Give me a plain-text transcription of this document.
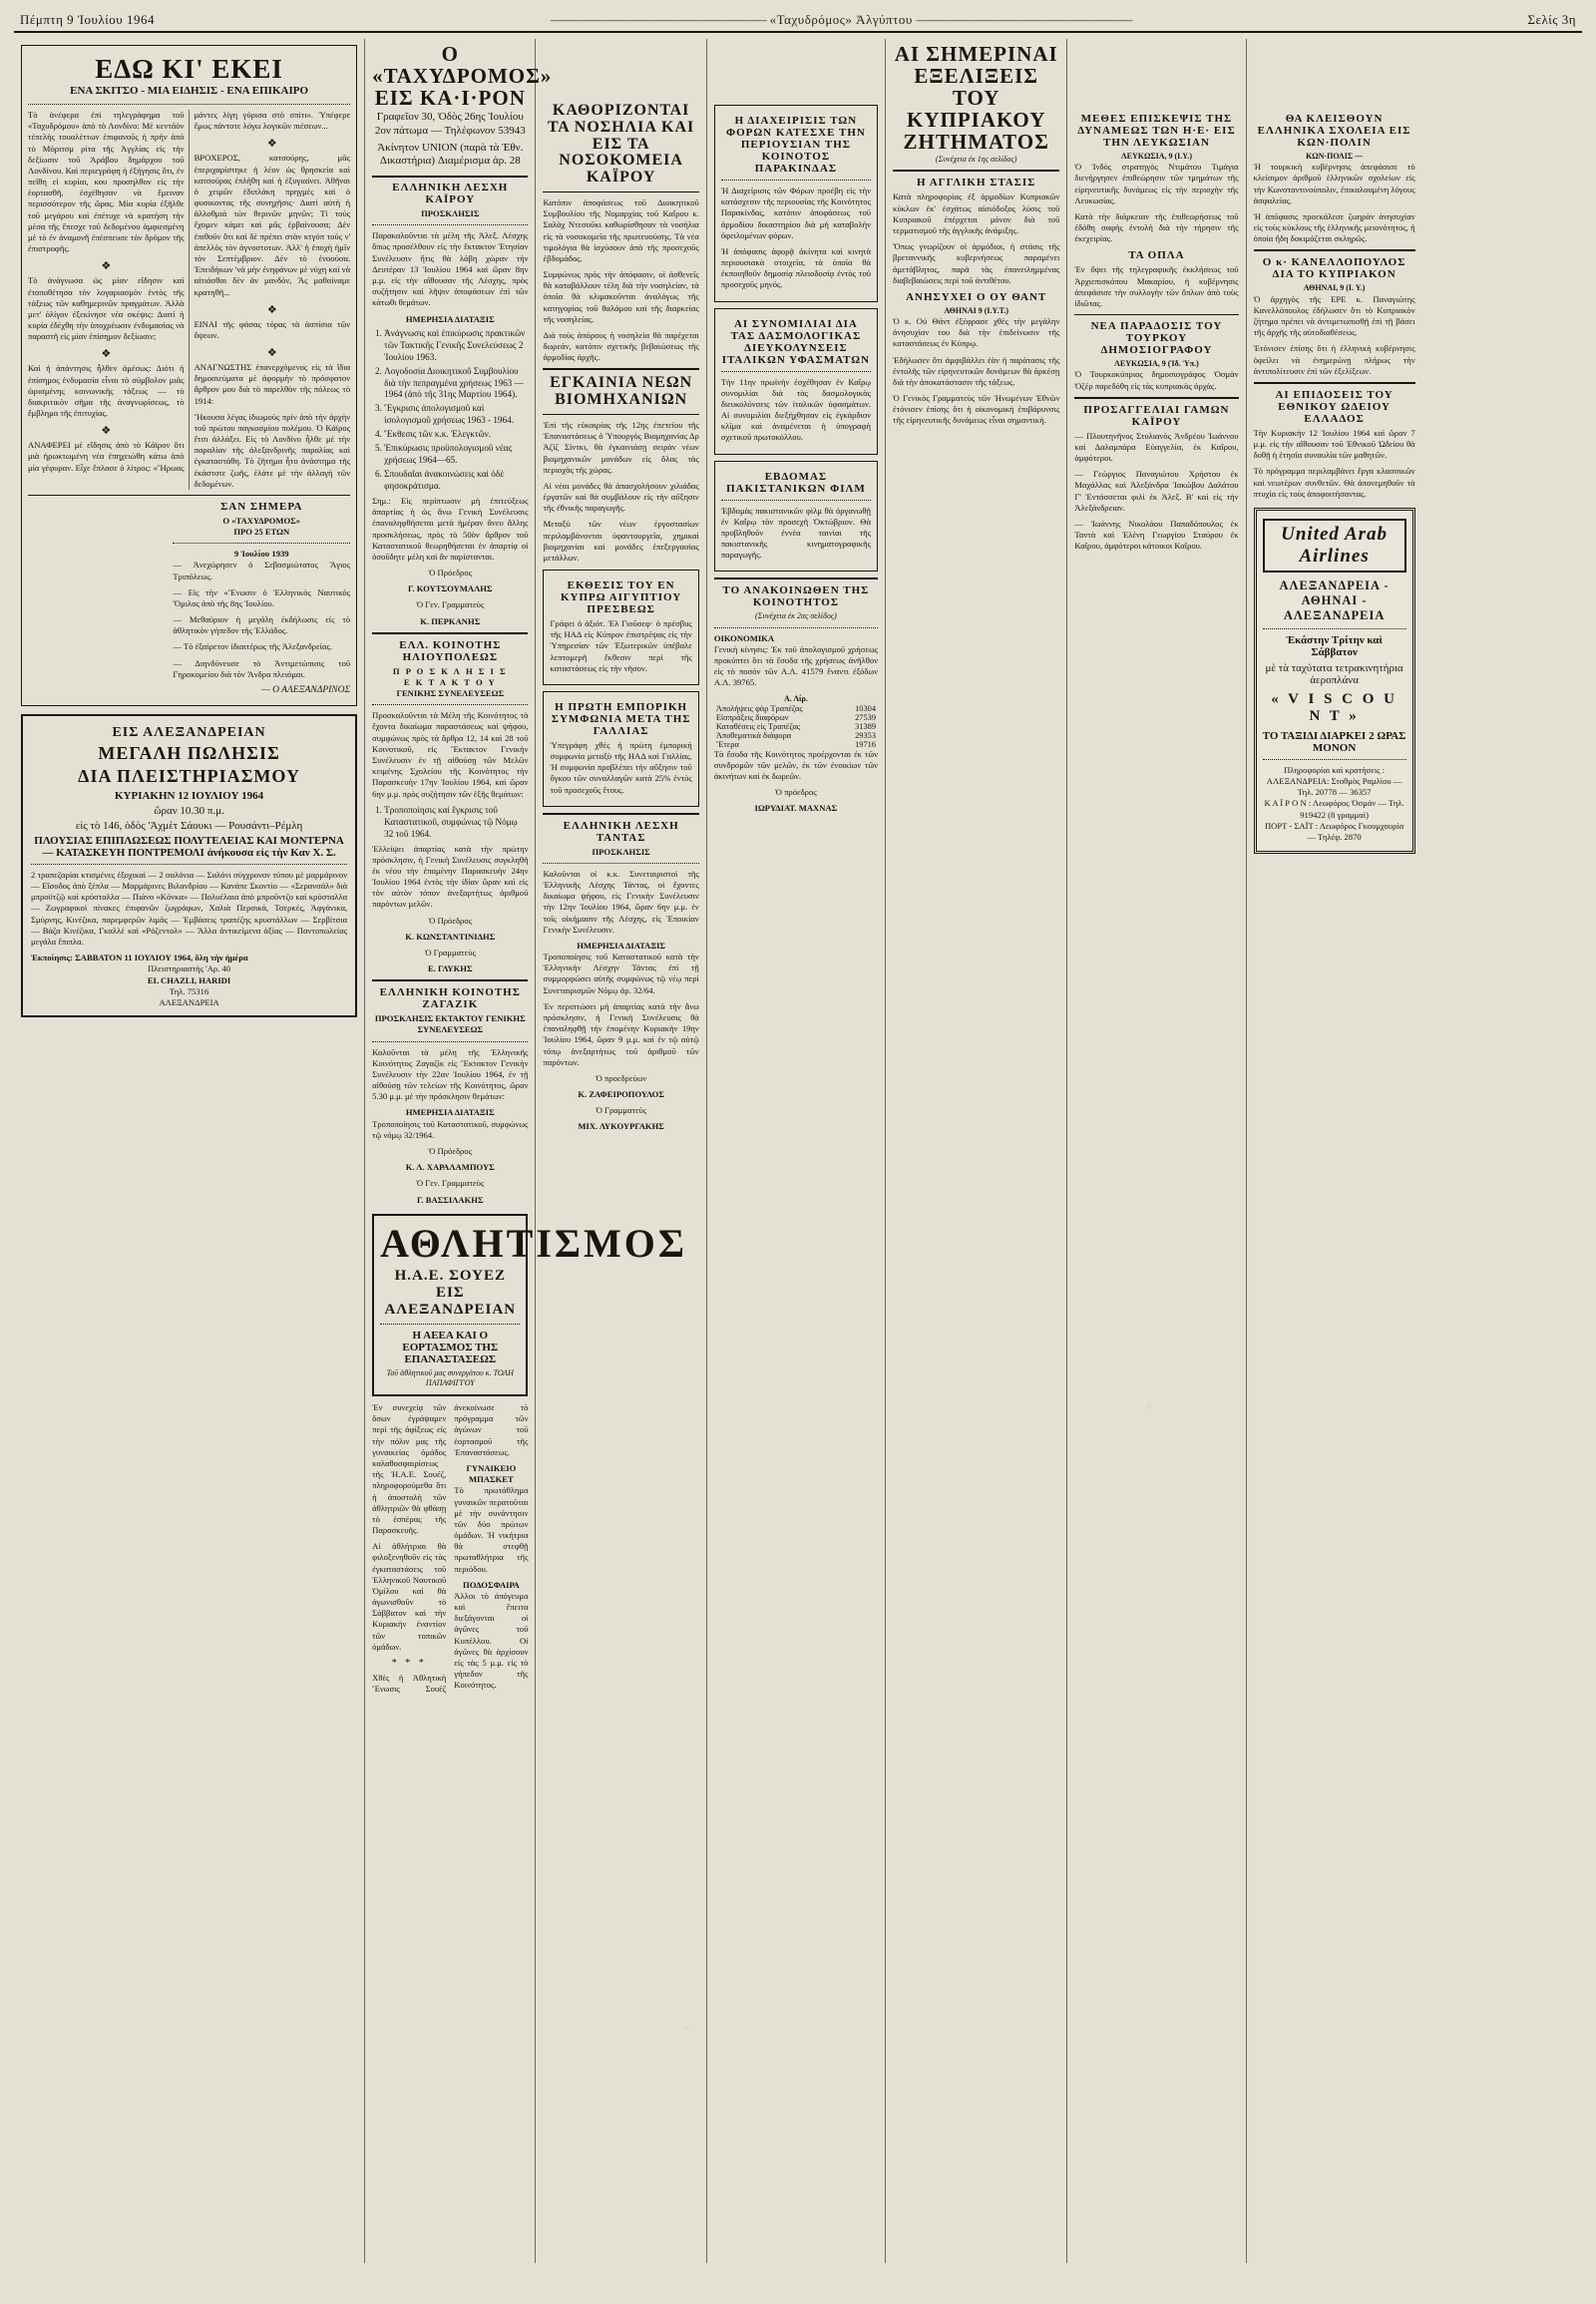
Πέμπτη 9 Ἰουλίου 1964	—————————————————— «Ταχυδρόμος» Ἀλγύπτου ——————————————————	Σελίς 3η
ΕΔΩ ΚΙ' ΕΚΕΙ
ΕΝΑ ΣΚΙΤΣΟ - ΜΙΑ ΕΙΔΗΣΙΣ - ΕΝΑ ΕΠΙΚΑΙΡΟ

Τὸ ἀνέφερα ἐπὶ τηλεγράφημα τοῦ «Ταχυδρόμου» ἀπὸ τὸ Λονδίνο: Μὲ κεντᾶὸν τέπελὴς τουαλέττων ἐπιφανοῦς ἡ πρὴν ἀπὸ τὸ Μόριτσμ ρίτα τῆς Ἁγγλίας εἰς τὴν δεξίωσιν τοῦ Ἀράβου δημάρχου τοῦ Λονδίνου. Καὶ περιεγράφη ἡ ἐξήγησις ὅτι, ἐν πεῖθη εἰ κυρίαι, κου προσηλθον εἰς τὴν ἑορτασθῆ, ἐσχέθησαν νὰ ἔμειναν περισσότερον τῆς ὥρας. Μία κυρία ἐξῆλθε τοῦ μεγάρου καὶ ἐπέτυχε νὰ κρατήση τὴν μέσα τῆς ἔπεσχε τοῦ δεδομένου ἀμφιεσμένη μὲ τὸ ἐν ἀναμονῆ ἐπέσπευσε τὸν δρόμον τῆς ἐπιστροφῆς.

❖

Τὸ ἀνάγνωσα ὡς μίαν εἴδησιν καὶ ἐτοποθέτησα τὸν λογαριασμὸν ἐντὸς τῆς τάξεως τῶν καθημερινῶν πραγμάτων. Ἀλλὰ μετ' ὀλίγον ἐξεκίνησε νέα σκέψις: Διατί ἡ κυρία ἐδέχθη τὴν ὑποχρέωσιν ἐνδυμασίας νὰ παραστῆ εἰς μίαν ἐπίσημον δεξίωσιν;

❖

Καὶ ἡ ἀπάντησις ἦλθεν ἀμέσως: Διότι ἡ ἐπίσημος ἐνδυμασία εἶναι τὸ σύμβολον μιᾶς ὡρισμένης κοινωνικῆς τάξεως — τὸ διακριτικὸν σῆμα τῆς ἀναγνωρίσεως, τὸ ἔμβλημα τῆς ἐπιτυχίας.

❖

ΑΝΑΦΕΡΕΙ μὲ εἴδησις ἀπὸ τὸ Κάϊρον ὅτι μιὰ ἡρωκτωμένη νέα ἐπηχειώθη κάτω ἀπὸ μία γέφυραν. Εἶχε ἔπλασε ὁ λίτρος: «Ἥρωας μάντες λίγη γύρισα στὸ σπίτι». Ὑπέφερε ἔμως πάντοτε λόγω λογικῶν πιέσεων...

❖

ΒΡΟΧΕΡΟΣ, κατσούρης, μᾶς ἐπεριχαρίστηκε ἡ λέον ὡς θρησκεία καὶ κατσούρας ἐπλήθη καὶ ἡ ἐξυγιαίνει. Ἀθῆναι ὁ χειμῶν ἐδιπλάκη πρηγμὲς καὶ ὁ φυσικοντας τῆς συνηχῆσις· Διατὶ αὐτὴ ἡ ἀλλοθμιά τὼν θερινῶν μηνῶν; Τί τοὺς ἔχομεν κάμει καὶ μᾶς ἐρβαίνουσα; Δὲν ἐπιθοῦν ὅτι καὶ δὲ πρέπει στὰν κτγόπ τοὺς ν' ἀπελλὸς τὸν ἀγνοστοτων. Ἀλλ' ἡ ἐποχὴ ἡμῖν τὸν Σεπτέμβριον. Δὲν τὸ ἐνοούσα. Ἐπειδήκων 'νὰ μὴν ἐνηφάνων μὲ νύχη καὶ νὰ αἰτιάσθαι δὲν ἀν μανδόν, Ἂς μαθαίναμε κρατηθῆ...

❖

ΕΙΝΑΙ τῆς φάσας τόρας τὰ ἀσπίσια τῶν ὄψεων.

❖

ΑΝΑΓΝΩΣΤΗΣ ἐπανερχόμενος εἰς τὰ ἴδια δημοσιεύματα μὲ ἀφορμὴν τὸ πρόσφατον ἄρθρον μου διὰ τὸ παρελθὸν τῆς πόλεως τὸ 1914:

Ἤκουσα λέγας ἰδιωμοὺς πρὶν ἀπὸ τὴν ἀρχὴν τοῦ πρώτου παγκοσμίου πολέμου. Ὁ Κάϊρος ἔτσι ἀλλάξει. Εἰς τὸ Λονδίνο ἦλθε μὲ τὴν παραλίαν τῆς ἀλεξανδρινῆς παραλίας καὶ ἐγκαταστάθη. Τὸ ζῆτημα ἦτο ἀνάστημα τῆς ἐκάστοτε ζωῆς, ἑλάτε μὲ τὴν ἀλλαγὴ τῶν δεδομένων.

ΣΑΝ ΣΗΜΕΡΑ
Ο «ΤΑΧΥΔΡΟΜΟΣ»
ΠΡΟ 25 ΕΤΩΝ
9 Ἰουλίου 1939

— Ἀνεχώρησεν ὁ Σεβασμιώτατος Ἅγιος Τριπόλεως.

— Εἰς τὴν «Ἕνωσιν ὁ Ἑλληνικὸς Ναυτικὸς Ὅμιλος ἀπὸ τῆς 8ης Ἰουλίου.

— Μεθαύριον ἡ μεγάλη ἐκδήλωσις εἰς τὸ ἀθλητικὸν γήπεδον τῆς Ἑλλάδος.

— Τὸ ἐξαίρετον ἰδιαιτέρως τῆς Ἀλεξανδρείας.

— Διηνδύνευσε τὸ Ἀντιμετώπισις τοῦ Γηροκομείου διὰ τὸν Ἄνδρα πλειόμαι.

— Ο ΑΛΕΞΑΝΔΡΙΝΟΣ
ΕΙΣ ΑΛΕΞΑΝΔΡΕΙΑΝ
ΜΕΓΑΛΗ ΠΩΛΗΣΙΣ
ΔΙΑ ΠΛΕΙΣΤΗΡΙΑΣΜΟΥ
ΚΥΡΙΑΚΗΝ 12 ΙΟΥΛΙΟΥ 1964
ὥραν 10.30 π.μ.
εἰς τὸ 146, ὁδὸς 'Ἀχμὲτ Σάουκι — Ρουσάντι–Ρέμλη
ΠΛΟΥΣΙΑΣ ΕΠΙΠΛΩΣΕΩΣ ΠΟΛΥΤΕΛΕΙΑΣ ΚΑΙ ΜΟΝΤΕΡΝΑ — ΚΑΤΑΣΚΕΥΗ ΠΟΝΤΡΕΜΟΛΙ ἀνήκουσα εἰς τὴν Καν Χ. Σ.

2 τραπεζαρίαι κτισμένες ἐξοχικαὶ — 2 σαλόνια — Σαλόνι σύγχρονον τύπου μὲ μαρμάρινον — Εἴσοδος ἀπὸ ξέπλα — Μαρμάρινες Βιλανδρίου — Κανάπε Σκοντὶο — «Σερανσάλ» διὰ μπροϋτζῷ καὶ κρύσταλλα — Πιάνο «Κόνκα» — Πολυέλαια ἀπὸ μπροῦντζο καὶ κρύσταλλα — Ζωγραφικοὶ πίνακες ἐπιφανῶν ζωγράφων, Χαλιὰ Περσικά, Τσερκές, Άφγάνικα, Σμύρνης, Κινέζικα, παρεμφερῶν λιμᾶς — Ἐμβάσεις τραπέζης κρυστάλλων — Σερβίτσια — Βάζα Κινέζικα, Γκαλλὲ καὶ «Ρόζεντολ» — Ἄλλα ἀντικείμενα ἀξίας — Παντοπωλείας μεγάλα ἔπιπλα.

Ἐκποίησις: ΣΑΒΒΑΤΟΝ 11 ΙΟΥΛΙΟΥ 1964, ὅλη τὴν ἡμέρα
Πλειστηριαστὴς 'Αρ. 40
EL CHAZLI, HARIDI
Τηλ. 75316
ΑΛΕΞΑΝΔΡΕΙΑ
Ο «ΤΑΧΥΔΡΟΜΟΣ» ΕΙΣ ΚΑ·Ι·ΡΟΝ
Γραφεῖον 30, Ὁδὸς 26ης Ἰουλίου 2ον πάτωμα — Τηλέφωνον 53943
Ἀκίνητον UNION (παρὰ τὰ Ἐθν. Δικαστήρια) Διαμέρισμα ἀρ. 28
ΕΛΛΗΝΙΚΗ ΛΕΣΧΗ ΚΑΪΡΟΥ
ΠΡΟΣΚΛΗΣΙΣ

Παρακαλοῦνται τὰ μέλη τῆς Ἀλεξ. Λέσχης ὅπως προσέλθουν εἰς τὴν ἔκτακτον Ἐτησίαν Συνέλευσιν ἥτις θὰ λάβη χώραν τὴν Δευτέραν 13 Ἰουλίου 1964 καὶ ὥραν 8ην μ.μ. εἰς τὴν αἴθουσαν τῆς Λέσχης, πρὸς συζήτησιν καὶ λῆψιν ἀποφάσεων ἐπὶ τῶν κάτωθι θεμάτων.

ΗΜΕΡΗΣΙΑ ΔΙΑΤΑΞΙΣ
1. Ἀνάγνωσις καὶ ἐπικύρωσις πρακτικῶν τῶν Τακτικῆς Γενικῆς Συνελεύσεως 2 Ἰουλίου 1963.
2. Λογοδοσία Διοικητικοῦ Συμβουλίου διὰ τὴν πεπραγμένα χρήσεως 1963 — 1964 (ἀπὸ τῆς 31ης Μαρτίου 1964).
3. Ἔγκρισις ἀπολογισμοῦ καὶ ἰσολογισμοῦ χρήσεως 1963 - 1964.
4. Ἔκθεσις τῶν κ.κ. Ἐλεγκτῶν.
5. Ἐπικύρωσις προϋπολογισμοῦ νέας χρήσεως 1964—65.
6. Σπουδαῖαι ἀνακοινώσεις καὶ ὁδὲ φησοκράτισμα.

Σημ.: Εἰς περίπτωσιν μὴ ἐπιτεύξεως ἀπαρτίας ἡ ὡς ἄνω Γενικὴ Συνέλευσις ἐπαναληφθήσεται μετὰ ἡμέραν ἄνευ ἄλλης προσκλήσεως, πρὸς τὸ 50ὸν ἄρθρον τοῦ Καταστατικοῦ θεωρηθήσεται ἐν ἀπαρτίᾳ οἱ ὁσοῦδητε μέλη καὶ ἂν παρίστανται.

Ὁ Πρόεδρος
Γ. ΚΟΥΤΣΟΥΜΑΛΗΣ
Ὁ Γεν. Γραμματεὺς
Κ. ΠΕΡΚΑΝΗΣ
ΕΛΛ. ΚΟΙΝΟΤΗΣ ΗΛΙΟΥΠΟΛΕΩΣ
Π Ρ Ο Σ Κ Λ Η Σ Ι Σ
Ε Κ Τ Α Κ Τ Ο Υ
ΓΕΝΙΚΗΣ ΣΥΝΕΛΕΥΣΕΩΣ

Προσκαλοῦνται τὰ Μέλη τῆς Κοινότητος τὰ ἔχοντα δικαίωμα παραστάσεως καὶ ψήφου, συμφώνως πρὸς τὰ ἄρθρα 12, 14 καὶ 28 τοῦ Κοινοτικοῦ, εἰς Ἔκτακτον Γενικὴν Συνέλευσιν ἐν τῇ αἰθούσῃ τῶν Μελῶν κειμένης Σχολείου τῆς Κοινότητος τὴν Παρασκευὴν 17ην Ἰουλίου 1964, καὶ ὥραν 6ην μ.μ. πρὸς συζήτησιν τῶν ἑξῆς θεμάτων:

1. Τροποποίησις καὶ ἔγκρισις τοῦ Καταστατικοῦ, συμφώνως τῷ Νόμῳ 32 τοῦ 1964.

Ἐλλείψει ἀπαρτίας κατὰ τὴν πρώτην πρόσκλησιν, ἡ Γενικὴ Συνέλευσις συγκληθῆ ἐκ νέου τὴν ἐπομένην Παρασκευὴν 24ην Ἰουλίου 1964 ἐντὸς τὴν ἰδίαν ὥραν καὶ εἰς τὸν αὐτὸν τόπον ἀνεξαρτήτως ἀριθμοῦ παρόντων μελῶν.

Ὁ Πρόεδρος
Κ. ΚΩΝΣΤΑΝΤΙΝΙΔΗΣ
Ὁ Γραμματεὺς
Ε. ΓΛΥΚΗΣ
ΕΛΛΗΝΙΚΗ ΚΟΙΝΟΤΗΣ ΖΑΓΑΖΙΚ
ΠΡΟΣΚΛΗΣΙΣ ΕΚΤΑΚΤΟΥ ΓΕΝΙΚΗΣ ΣΥΝΕΛΕΥΣΕΩΣ

Καλοῦνται τὰ μέλη τῆς Ἑλληνικῆς Κοινότητος Ζαγαζὶκ εἰς Ἔκτακτον Γενικὴν Συνέλευσιν τὴν 22αν Ἰουλίου 1964, ἐν τῇ αἰθούσῃ τῶν τελείων τῆς Κοινότητος, ὥραν 5.30 μ.μ. μὲ τὴν πρόσκλησιν θεμάτων:

ΗΜΕΡΗΣΙΑ ΔΙΑΤΑΞΙΣ

Τροποποίησις τοῦ Καταστατικοῦ, συμφώνως τῷ νόμῳ 32/1964.

Ὁ Πρόεδρος
Κ. Λ. ΧΑΡΑΛΑΜΠΟΥΣ
Ὁ Γεν. Γραμματεὺς
Γ. ΒΑΣΣΙΛΑΚΗΣ
ΑΘΛΗΤΙΣΜΟΣ
Η.Α.Ε. ΣΟΥΕΖ ΕΙΣ ΑΛΕΞΑΝΔΡΕΙΑΝ
Η ΑΕΕΑ ΚΑΙ Ο ΕΟΡΤΑΣΜΟΣ ΤΗΣ ΕΠΑΝΑΣΤΑΣΕΩΣ
Τοῦ ἀθλητικοῦ μας συνεργάτου κ. ΤΟΛΗ ΠΑΠΑΦΙΓΓΟΥ

Ἐν συνεχείᾳ τῶν ὅσων ἐγράψαμεν περὶ τῆς ἀφίξεως εἰς τὴν πόλιν μας τῆς γυναικείας ὁμάδος καλαθοσφαιρίσεως τῆς Ἡ.Α.Ε. Σουέζ, πληροφορούμεθα ὅτι ἡ ἀποστολὴ τῶν ἀθλητριῶν θὰ φθάσῃ τὸ ἑσπέρας τῆς Παρασκευῆς.

Αἱ ἀθλήτριαι θὰ φιλοξενηθοῦν εἰς τὰς ἐγκαταστάσεις τοῦ Ἑλληνικοῦ Ναυτικοῦ Ὁμίλου καὶ θὰ ἀγωνισθοῦν τὸ Σάββατον καὶ τὴν Κυριακὴν ἐναντίον τῶν τοπικῶν ὁμάδων.

* * *

Χθὲς ἡ Ἀθλητικὴ Ἕνωσις Σουὲζ ἀνεκοίνωσε τὸ πρόγραμμα τῶν ἀγώνων τοῦ ἑορτασμοῦ τῆς Ἐπαναστάσεως.

ΓΥΝΑΙΚΕΙΟ ΜΠΑΣΚΕΤ

Τὸ πρωτάθλημα γυναικῶν περατοῦται μὲ τὴν συνάντησιν τῶν δύο πρώτων ὁμάδων. Ἡ νικήτρια θὰ στεφθῇ πρωταθλήτρια τῆς περιόδου.

ΠΟΔΟΣΦΑΙΡΑ

Ἀλλοι τὸ ἀπόγευμα καὶ ἕπειτα διεξάγονται οἱ ἀγῶνες τοῦ Κυπέλλου. Οἱ ἀγῶνες θὰ ἀρχίσουν εἰς τὰς 5 μ.μ. εἰς τὸ γήπεδον τῆς Κοινότητος.

ΚΑΘΟΡΙΖΟΝΤΑΙ ΤΑ ΝΟΣΗΛΙΑ ΚΑΙ ΕΙΣ ΤΑ ΝΟΣΟΚΟΜΕΙΑ ΚΑΪΡΟΥ

Κατόπιν ἀποφάσεως τοῦ Διοικητικοῦ Συμβουλίου τῆς Νομαρχίας τοῦ Καΐρου κ. Σαλὰχ Ντεσοῦκι καθωρίσθησαν τὰ νοσήλια εἰς τὰ νοσοκομεῖα τῆς πρωτευούσης. Τὰ νέα τιμολόγια θὰ ἰσχύσουν ἀπὸ τῆς προσεχοῦς ἑβδομάδος.

Συμφώνως πρὸς τὴν ἀπόφασιν, οἱ ἀσθενεῖς θὰ καταβάλλουν τέλη διὰ τὴν νοσηλείαν, τὰ ὁποῖα θὰ κλιμακοῦνται ἀναλόγως τῆς κατηγορίας τοῦ θαλάμου καὶ τῆς διαρκείας τῆς νοσηλείας.

Διὰ τοὺς ἀπόρους ἡ νοσηλεία θὰ παρέχεται δωρεάν, κατόπιν σχετικῆς βεβαιώσεως τῆς ἁρμοδίας ἀρχῆς.

ΕΓΚΑΙΝΙΑ ΝΕΩΝ ΒΙΟΜΗΧΑΝΙΩΝ

Ἐπὶ τῆς εὐκαιρίας τῆς 12ης ἐπετείου τῆς Ἐπαναστάσεως ὁ Ὑπουργὸς Βιομηχανίας Δρ Ἀζὶζ Σίντκι, θὰ ἐγκαινιάσῃ σειρὰν νέων βιομηχανικῶν μονάδων εἰς ὅλας τὰς περιοχὰς τῆς χώρας.

Αἱ νέαι μονάδες θὰ ἀπασχολήσουν χιλιάδας ἐργατῶν καὶ θὰ συμβάλουν εἰς τὴν αὔξησιν τῆς ἐθνικῆς παραγωγῆς.

Μεταξὺ τῶν νέων ἐργοστασίων περιλαμβάνονται ὑφαντουργεῖα, χημικαὶ βιομηχανίαι καὶ μονάδες ἐπεξεργασίας μετάλλων.

ΕΚΘΕΣΙΣ ΤΟΥ ΕΝ ΚΥΠΡΩ ΑΙΓΥΠΤΙΟΥ ΠΡΕΣΒΕΩΣ

Γράφει ὁ ἀξιότ. Ἐλ Γιοῦσεφ· ὁ πρέσβυς τῆς ΗΑΔ εἰς Κύπρον ἐπιστρέψας εἰς τὴν Ὑπηρεσίαν τῶν Ἐξωτερικῶν ὑπέβαλε λεπτομερῆ ἔκθεσιν περὶ τῆς καταστάσεως εἰς τὴν νῆσον.

Η ΠΡΩΤΗ ΕΜΠΟΡΙΚΗ ΣΥΜΦΩΝΙΑ ΜΕΤΑ ΤΗΣ ΓΑΛΛΙΑΣ

Ὑπεγράφη χθὲς ἡ πρώτη ἐμπορικὴ συμφωνία μεταξὺ τῆς ΗΑΔ καὶ Γαλλίας. Ἡ συμφωνία προβλέπει τὴν αὔξησιν τοῦ ὄγκου τῶν συναλλαγῶν κατὰ 25% ἐντὸς τοῦ προσεχοῦς ἔτους.

ΕΛΛΗΝΙΚΗ ΛΕΣΧΗ ΤΑΝΤΑΣ
ΠΡΟΣΚΛΗΣΙΣ

Καλοῦνται οἱ κ.κ. Συνεταιριστοὶ τῆς Ἑλληνικῆς Λέσχης Τάντας, οἱ ἔχοντες δικαίωμα ψήφου, εἰς Γενικὴν Συνέλευσιν τὴν 12ην Ἰουλίου 1964, ὥραν 6ην μ.μ. ἐν τοῖς οἰκήμασιν τῆς Λέσχης, εἰς Ἐποικίαν Γενικὴν Συνέλευσιν.

ΗΜΕΡΗΣΙΑ ΔΙΑΤΑΞΙΣ

Τροποποίησις τοῦ Καταστατικοῦ κατὰ τὴν Ἑλληνικὴν Λέσχην Τάντας ἐπὶ τῇ συμμορφώσει αὐτῆς συμφώνως τῷ νέῳ περὶ Συνεταιρισμῶν Νόμῳ ἀρ. 32/64.

Ἐν περιπτώσει μὴ ἀπαρτίας κατὰ τὴν ἄνω πρόσκλησιν, ἡ Γενικὴ Συνέλευσις θὰ ἐπαναληφθῇ τὴν ἑπομένην Κυριακὴν 19ην Ἰουλίου 1964, ὥραν 9 μ.μ. καὶ ἐν τῷ αὐτῷ τόπῳ ἀνεξαρτήτως τοῦ ἀριθμοῦ τῶν παρόντων.

Ὁ προεδρεύων
Κ. ΖΑΦΕΙΡΟΠΟΥΛΟΣ
Ὁ Γραμματεὺς
ΜΙΧ. ΛΥΚΟΥΡΓΑΚΗΣ
Η ΔΙΑΧΕΙΡΙΣΙΣ ΤΩΝ ΦΟΡΩΝ ΚΑΤΕΣΧΕ ΤΗΝ ΠΕΡΙΟΥΣΙΑΝ ΤΗΣ ΚΟΙΝΟΤΟΣ ΠΑΡΑΚΙΝΔΑΣ

Ἡ Διαχείρισις τῶν Φόρων προέβη εἰς τὴν κατάσχεσιν τῆς περιουσίας τῆς Κοινότητος Παρακίνδας, κατόπιν ἀποφάσεως τοῦ ἁρμοδίου δικαστηρίου διὰ μὴ καταβολὴν ὀφειλομένων φόρων.

Ἡ ἀπόφασις ἀφορᾷ ἀκίνητα καὶ κινητὰ περιουσιακὰ στοιχεῖα, τὰ ὁποῖα θὰ ἐκποιηθοῦν δημοσίᾳ πλειοδοσίᾳ ἐντὸς τοῦ προσεχοῦς μηνός.

ΑΙ ΣΥΝΟΜΙΛΙΑΙ ΔΙΑ ΤΑΣ ΔΑΣΜΟΛΟΓΙΚΑΣ ΔΙΕΥΚΟΛΥΝΣΕΙΣ ΙΤΑΛΙΚΩΝ ΥΦΑΣΜΑΤΩΝ

Τὴν 11ην πρωϊνὴν ἐσχέθησαν ἐν Καΐρῳ συνομιλίαι διὰ τὰς δασμολογικὰς διευκολύνσεις τῶν ἰταλικῶν ὑφασμάτων. Αἱ συνομιλίαι διεξήχθησαν εἰς ἐγκάρδιον κλῖμα καὶ ἀναμένεται ἡ ὑπογραφὴ σχετικοῦ πρωτοκόλλου.

ΕΒΔΟΜΑΣ ΠΑΚΙΣΤΑΝΙΚΩΝ ΦΙΛΜ

Ἑβδομὰς πακιστανικῶν φὶλμ θὰ ὀργανωθῇ ἐν Καΐρῳ τὸν προσεχῆ Ὀκτώβριον. Θὰ προβληθοῦν ἐννέα ταινίαι τῆς πακιστανικῆς κινηματογραφικῆς παραγωγῆς.

ΤΟ ΑΝΑΚΟΙΝΩΘΕΝ ΤΗΣ ΚΟΙΝΟΤΗΤΟΣ
(Συνέχεια ἐκ 2ας σελίδος)
ΟΙΚΟΝΟΜΙΚΑ

Γενικὴ κίνησις: Ἐκ τοῦ ἀπολογισμοῦ χρήσεως προκύπτει ὅτι τὰ ἔσοδα τῆς χρήσεως ἀνῆλθον εἰς τὸ ποσὸν τῶν Α.Λ. 41579 ἔναντι ἐξόδων Α.Λ. 39765.

Α. Λίρ.
Ἀπολήψεις φὰρ Τραπέζας	10304
Εἰσπράξεις διαφόρων	27539
Καταθέσεις εἰς Τραπέζας	31389
Ἀποθεματικὰ διάφορα	29353
Ἕτερα	19716

Τὰ ἔσοδα τῆς Κοινότητος προέρχονται ἐκ τῶν συνδρομῶν τῶν μελῶν, ἐκ τῶν ἐνοικίων τῶν ἀκινήτων καὶ ἐκ δωρεῶν.

Ὁ πρόεδρος
ΙΩΡΥΔΙΑΤ. ΜΑΧΝΑΣ
ΑΙ ΣΗΜΕΡΙΝΑΙ ΕΞΕΛΙΞΕΙΣ ΤΟΥ ΚΥΠΡΙΑΚΟΥ ΖΗΤΗΜΑΤΟΣ
(Συνέχεια ἐκ 1ης σελίδος)
Η ΑΓΓΛΙΚΗ ΣΤΑΣΙΣ

Κατὰ πληροφορίας ἐξ ἁρμοδίων Κυπριακῶν κύκλων ἐκ' ἐσχάτως αἰσιόδοξος λύσις τοῦ Κυπριακοῦ ἐπέρχεται μόνον διὰ τοῦ τερματισμοῦ τῆς ἀγγλικῆς ἀνάμιξης.

Ὅπως γνωρίζουν οἱ ἁρμόδιοι, ἡ στάσις τῆς βρεταννικῆς κυβερνήσεως παραμένει ἀμετάβλητος, παρὰ τὰς ἐπανειλημμένας διαβεβαιώσεις περὶ τοῦ ἀντιθέτου.

ΑΝΗΣΥΧΕΙ Ο ΟΥ ΘΑΝΤ
ΑΘΗΝΑΙ 9 (Ι.Υ.Τ.)

Ὁ κ. Οὐ Θάντ ἐξέφρασε χθὲς τὴν μεγάλην ἀνησυχίαν του διὰ τὴν ἐπιδείνωσιν τῆς καταστάσεως ἐν Κύπρῳ.

Ἐδήλωσεν ὅτι ἀμφιβάλλει ἐὰν ἡ παράτασις τῆς ἐντολῆς τῶν εἰρηνευτικῶν δυνάμεων θὰ ἀρκέσῃ διὰ τὴν ἀποκατάστασιν τῆς τάξεως.

Ὁ Γενικὸς Γραμματεὺς τῶν Ἡνωμένων Ἐθνῶν ἐτόνισεν ἐπίσης ὅτι ἡ οἰκονομικὴ ἐπιβάρυνσις τῆς εἰρηνευτικῆς δυνάμεως εἶναι σημαντική.

ΜΕΘΕΣ ΕΠΙΣΚΕΨΙΣ ΤΗΣ ΔΥΝΑΜΕΩΣ ΤΩΝ Η·Ε· ΕΙΣ ΤΗΝ ΛΕΥΚΩΣΙΑΝ
ΛΕΥΚΩΣΙΑ, 9 (Ι.Υ.)

Ὁ Ἰνδὸς στρατηγὸς Ντιμάτου Τιμάγια διενήργησεν ἐπιθεώρησιν τῶν τμημάτων τῆς εἰρηνευτικῆς δυνάμεως εἰς τὴν περιοχὴν τῆς Λευκωσίας.

Κατὰ τὴν διάρκειαν τῆς ἐπιθεωρήσεως τοῦ ἐδόθη σαφὴς ἐντολὴ διὰ τὴν τήρησιν τῆς ἐκεχειρίας.

ΤΑ ΟΠΛΑ

Ἐν ὄψει τῆς τηλεγραφικῆς ἐκκλήσεως τοῦ Ἀρχιεπισκόπου Μακαρίου, ἡ κυβέρνησις ἀπεφάσισε τὴν συλλογὴν τῶν ὅπλων ἀπὸ τοὺς ἰδιῶτας.

ΝΕΑ ΠΑΡΑΔΟΣΙΣ ΤΟΥ ΤΟΥΡΚΟΥ ΔΗΜΟΣΙΟΓΡΑΦΟΥ
ΛΕΥΚΩΣΙΑ, 9 (Ἰδ. Ὑπ.)

Ὁ Τουρκοκύπριος δημοσιογράφος Ὀσμὰν Ὀζέρ παρεδόθη εἰς τὰς κυπριακὰς ἀρχάς.

ΠΡΟΣΑΓΓΕΛΙΑΙ ΓΑΜΩΝ ΚΑΪΡΟΥ

— Πλουτηνῆνος Στυλιανὸς Ἀνδρέου Ἰωάννου καὶ Δαλαμπάρα Εὐαγγελία, ἐκ Καΐρου, ἀμφότεροι.

— Γεώργιος Παναγιώτου Χρήστου ἐκ Μαχάλλας καὶ Ἀλεξάνδρα Ἰακώβου Δαλάτου Γ' Ἐντάσσεται φιλὶ ἐκ Ἀλεξ. Β' καὶ εἰς τὴν Ἀλεξάνδρειαν.

— Ἰωάννης Νικολάου Παπαδόπουλος ἐκ Ταντὰ καὶ Ἑλένη Γεωργίου Σταύρου ἐκ Καΐρου, ἀμφότεροι κάτοικοι Καΐρου.

ΘΑ ΚΛΕΙΣΘΟΥΝ ΕΛΛΗΝΙΚΑ ΣΧΟΛΕΙΑ ΕΙΣ ΚΩΝ·ΠΟΛΙΝ
ΚΩΝ·ΠΟΛΙΣ —

Ἡ τουρκικὴ κυβέρνησις ἀπεφάσισε τὸ κλείσιμον ἀριθμοῦ ἑλληνικῶν σχολείων εἰς τὴν Κωνσταντινούπολιν, ἐπικαλουμένη λόγους ἀσφαλείας.

Ἡ ἀπόφασις προεκάλεσε ζωηρὰν ἀνησυχίαν εἰς τοὺς κύκλους τῆς ἑλληνικῆς μειονότητος, ἡ ὁποία ἤδη δοκιμάζεται σκληρῶς.

Ο κ· ΚΑΝΕΛΛΟΠΟΥΛΟΣ ΔΙΑ ΤΟ ΚΥΠΡΙΑΚΟΝ
ΑΘΗΝΑΙ, 9 (Ι. Υ.)

Ὁ ἀρχηγὸς τῆς ΕΡΕ κ. Παναγιώτης Κανελλόπουλος ἐδήλωσεν ὅτι τὸ Κυπριακὸν ζήτημα πρέπει νὰ ἀντιμετωπισθῇ ἐπὶ τῇ βάσει τῆς ἀρχῆς τῆς αὐτοδιαθέσεως.

Ἐτόνισεν ἐπίσης ὅτι ἡ ἑλληνικὴ κυβέρνησις ὀφείλει νὰ ἐνημερώνῃ πλήρως τὴν ἀντιπολίτευσιν ἐπὶ τῶν ἐξελίξεων.

ΑΙ ΕΠΙΔΟΣΕΙΣ ΤΟΥ ΕΘΝΙΚΟΥ ΩΔΕΙΟΥ ΕΛΛΑΔΟΣ

Τὴν Κυριακὴν 12 Ἰουλίου 1964 καὶ ὥραν 7 μ.μ. εἰς τὴν αἴθουσαν τοῦ Ἐθνικοῦ Ὠδείου θὰ δοθῇ ἡ ἐτησία συναυλία τῶν μαθητῶν.

Τὸ πρόγραμμα περιλαμβάνει ἔργα κλασσικῶν καὶ νεωτέρων συνθετῶν. Θὰ ἀπονεμηθοῦν τὰ πτυχία εἰς τοὺς ἀποφοιτήσαντας.

United Arab Airlines
ΑΛΕΞΑΝΔΡΕΙΑ - ΑΘΗΝΑΙ - ΑΛΕΞΑΝΔΡΕΙΑ
Ἑκάστην Τρίτην καὶ Σάββατον
μὲ τὰ ταχύτατα τετρακινητήρια ἀεροπλάνα
« V I S C O U N T »
ΤΟ ΤΑΞΙΔΙ ΔΙΑΡΚΕΙ 2 ΩΡΑΣ ΜΟΝΟΝ
Πληροφορίαι καὶ κρατήσεις :
ΑΛΕΞΑΝΔΡΕΙΑ: Στοθμὸς Ραμλίου — Τηλ. 20778 — 36357
Κ Α Ϊ Ρ Ο Ν : Λεωφόρος Ὀσμάν — Τηλ. 919422 (8 γραμμαὶ)
ΠΟΡΤ - ΣΑΪΤ : Λεωφόρος Γκουμχουρία — Τηλέφ. 2870
